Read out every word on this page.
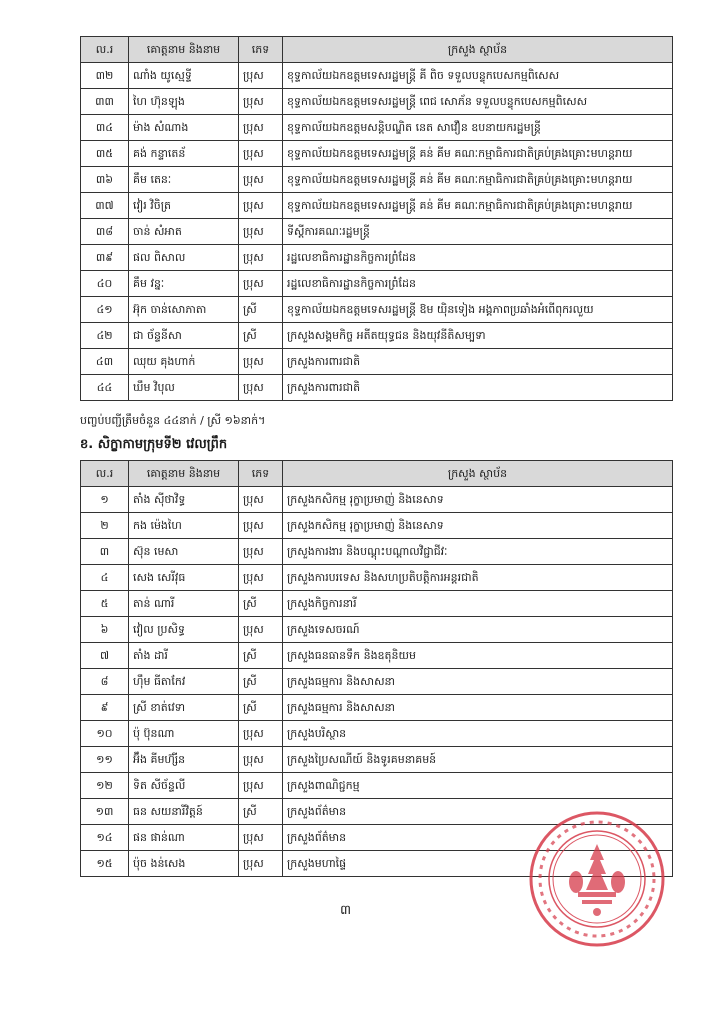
ល.រ	គោត្តនាម និងនាម	ភេទ	ក្រសួង ស្ថាប័ន
៣២	ណាំង យូស្មេទ្ទី	ប្រុស	ខុទ្ទកាល័យឯកឧត្តមទេសរដ្ឋមន្ត្រី គី ពិច ទទួលបន្ទុកបេសកម្មពិសេស
៣៣	ហៃ ហ៊ុនឡុង	ប្រុស	ខុទ្ទកាល័យឯកឧត្តមទេសរដ្ឋមន្ត្រី ពេជ សោភ័ន ទទួលបន្ទុកបេសកម្មពិសេស
៣៤	ម៉ាង សំណាង	ប្រុស	ខុទ្ទកាល័យឯកឧត្តមសន្តិបណ្ឌិត នេត សាវឿន ឧបនាយករដ្ឋមន្ត្រី
៣៥	គង់ កន្ទាតេន័	ប្រុស	ខុទ្ទកាល័យឯកឧត្តមទេសរដ្ឋមន្ត្រី គន់ គីម គណៈកម្មាធិការជាតិគ្រប់គ្រងគ្រោះមហន្តរាយ
៣៦	គឹម តេនៈ	ប្រុស	ខុទ្ទកាល័យឯកឧត្តមទេសរដ្ឋមន្ត្រី គន់ គីម គណៈកម្មាធិការជាតិគ្រប់គ្រងគ្រោះមហន្តរាយ
៣៧	វៀរ វិចិត្រ	ប្រុស	ខុទ្ទកាល័យឯកឧត្តមទេសរដ្ឋមន្ត្រី គន់ គីម គណៈកម្មាធិការជាតិគ្រប់គ្រងគ្រោះមហន្តរាយ
៣៨	ចាន់ សំអាត	ប្រុស	ទីស្តីការគណៈរដ្ឋមន្ត្រី
៣៩	ផល ពិសាល	ប្រុស	រដ្ឋលេខាធិការដ្ឋានកិច្ចការព្រំដែន
៤០	គឹម វន្នៈ	ប្រុស	រដ្ឋលេខាធិការដ្ឋានកិច្ចការព្រំដែន
៤១	អ៊ុក ចាន់សោភាតា	ស្រី	ខុទ្ទកាល័យឯកឧត្តមទេសរដ្ឋមន្ត្រី ឱម យ៉ិនទៀង អង្គភាពប្រឆាំងអំពើពុករលួយ
៤២	ជា ច័ន្ទនីសា	ស្រី	ក្រសួងសង្គមកិច្ច អតីតយុទ្ធជន និងយុវនីតិសម្បទា
៤៣	ឈុយ គុងហាក់	ប្រុស	ក្រសួងការពារជាតិ
៤៤	ឃឹម វិបុល	ប្រុស	ក្រសួងការពារជាតិ
បញ្ចប់បញ្ជីត្រឹមចំនួន ៤៤នាក់ / ស្រី ១៦នាក់។
ខ. សិក្ខាកាមក្រុមទី២ វេលព្រឹក
ល.រ	គោត្តនាម និងនាម	ភេទ	ក្រសួង ស្ថាប័ន
១	តាំង ស៊ីថាវិទ្ធ	ប្រុស	ក្រសួងកសិកម្ម រុក្ខាប្រមាញ់ និងនេសាទ
២	កង ម៉េងហៃ	ប្រុស	ក្រសួងកសិកម្ម រុក្ខាប្រមាញ់ និងនេសាទ
៣	ស៊ុន មេសា	ប្រុស	ក្រសួងការងារ និងបណ្តុះបណ្តាលវិជ្ជាជីវៈ
៤	សេង សេរីវុធ	ប្រុស	ក្រសួងការបរទេស និងសហប្រតិបត្តិការអន្តរជាតិ
៥	តាន់ ណារី	ស្រី	ក្រសួងកិច្ចការនារី
៦	វៀល ប្រសិទ្ធ	ប្រុស	ក្រសួងទេសចរណ៍
៧	តាំង ដារី	ស្រី	ក្រសួងធនធានទឹក និងឧតុនិយម
៨	ហ៊ឹម ធីតាកែវ	ស្រី	ក្រសួងធម្មការ និងសាសនា
៩	ស្រី ខាត់វេទា	ស្រី	ក្រសួងធម្មការ និងសាសនា
១០	ប៉ុ ប៊ុនណា	ប្រុស	ក្រសួងបរិស្ថាន
១១	អ៊ឹង គីមហ៊្សីន	ប្រុស	ក្រសួងប្រៃសណីយ៍ និងទូរគមនាគមន៍
១២	ទិត សីច័ន្ទលី	ប្រុស	ក្រសួងពាណិជ្ជកម្ម
១៣	ធន សយនារីវិត្តន៍	ស្រី	ក្រសួងព័ត៌មាន
១៤	ផន ផាន់ណា	ប្រុស	ក្រសួងព័ត៌មាន
១៥	ប៉ុច ងន់សេង	ប្រុស	ក្រសួងមហាផ្ទៃ
៣
